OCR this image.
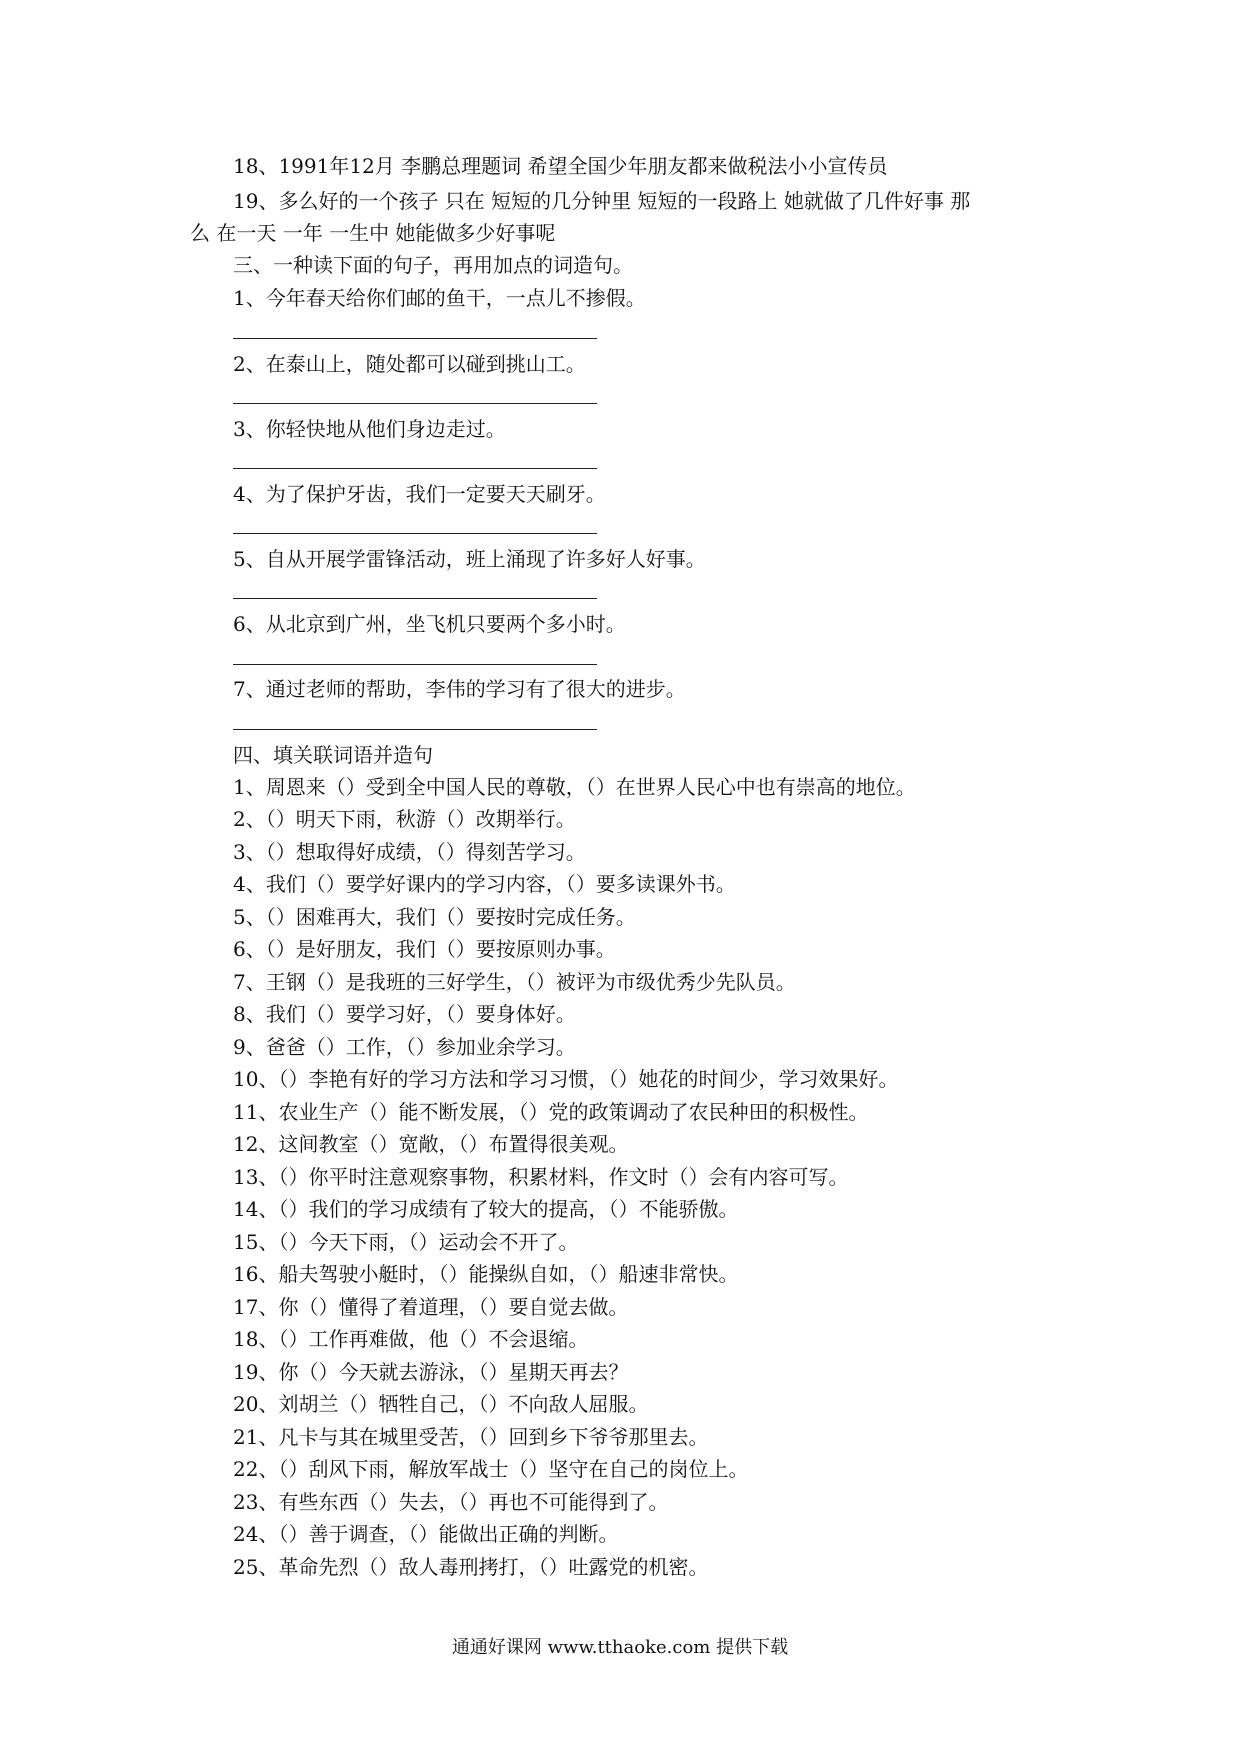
18、1991年12月 李鹏总理题词 希望全国少年朋友都来做税法小小宣传员
19、多么好的一个孩子 只在 短短的几分钟里 短短的一段路上 她就做了几件好事 那
么 在一天 一年 一生中 她能做多少好事呢
三、一种读下面的句子，再用加点的词造句。
1、今年春天给你们邮的鱼干，一点儿不掺假。
2、在泰山上，随处都可以碰到挑山工。
3、你轻快地从他们身边走过。
4、为了保护牙齿，我们一定要天天刷牙。
5、自从开展学雷锋活动，班上涌现了许多好人好事。
6、从北京到广州，坐飞机只要两个多小时。
7、通过老师的帮助，李伟的学习有了很大的进步。
四、填关联词语并造句
1、周恩来（）受到全中国人民的尊敬，（）在世界人民心中也有崇高的地位。
2、（）明天下雨，秋游（）改期举行。
3、（）想取得好成绩，（）得刻苦学习。
4、我们（）要学好课内的学习内容，（）要多读课外书。
5、（）困难再大，我们（）要按时完成任务。
6、（）是好朋友，我们（）要按原则办事。
7、王钢（）是我班的三好学生，（）被评为市级优秀少先队员。
8、我们（）要学习好，（）要身体好。
9、爸爸（）工作，（）参加业余学习。
10、（）李艳有好的学习方法和学习习惯，（）她花的时间少，学习效果好。
11、农业生产（）能不断发展，（）党的政策调动了农民种田的积极性。
12、这间教室（）宽敞，（）布置得很美观。
13、（）你平时注意观察事物，积累材料，作文时（）会有内容可写。
14、（）我们的学习成绩有了较大的提高，（）不能骄傲。
15、（）今天下雨，（）运动会不开了。
16、船夫驾驶小艇时，（）能操纵自如，（）船速非常快。
17、你（）懂得了着道理，（）要自觉去做。
18、（）工作再难做，他（）不会退缩。
19、你（）今天就去游泳，（）星期天再去？
20、刘胡兰（）牺牲自己，（）不向敌人屈服。
21、凡卡与其在城里受苦，（）回到乡下爷爷那里去。
22、（）刮风下雨，解放军战士（）坚守在自己的岗位上。
23、有些东西（）失去，（）再也不可能得到了。
24、（）善于调查，（）能做出正确的判断。
25、革命先烈（）敌人毒刑拷打，（）吐露党的机密。
通通好课网 www.tthaoke.com 提供下载
